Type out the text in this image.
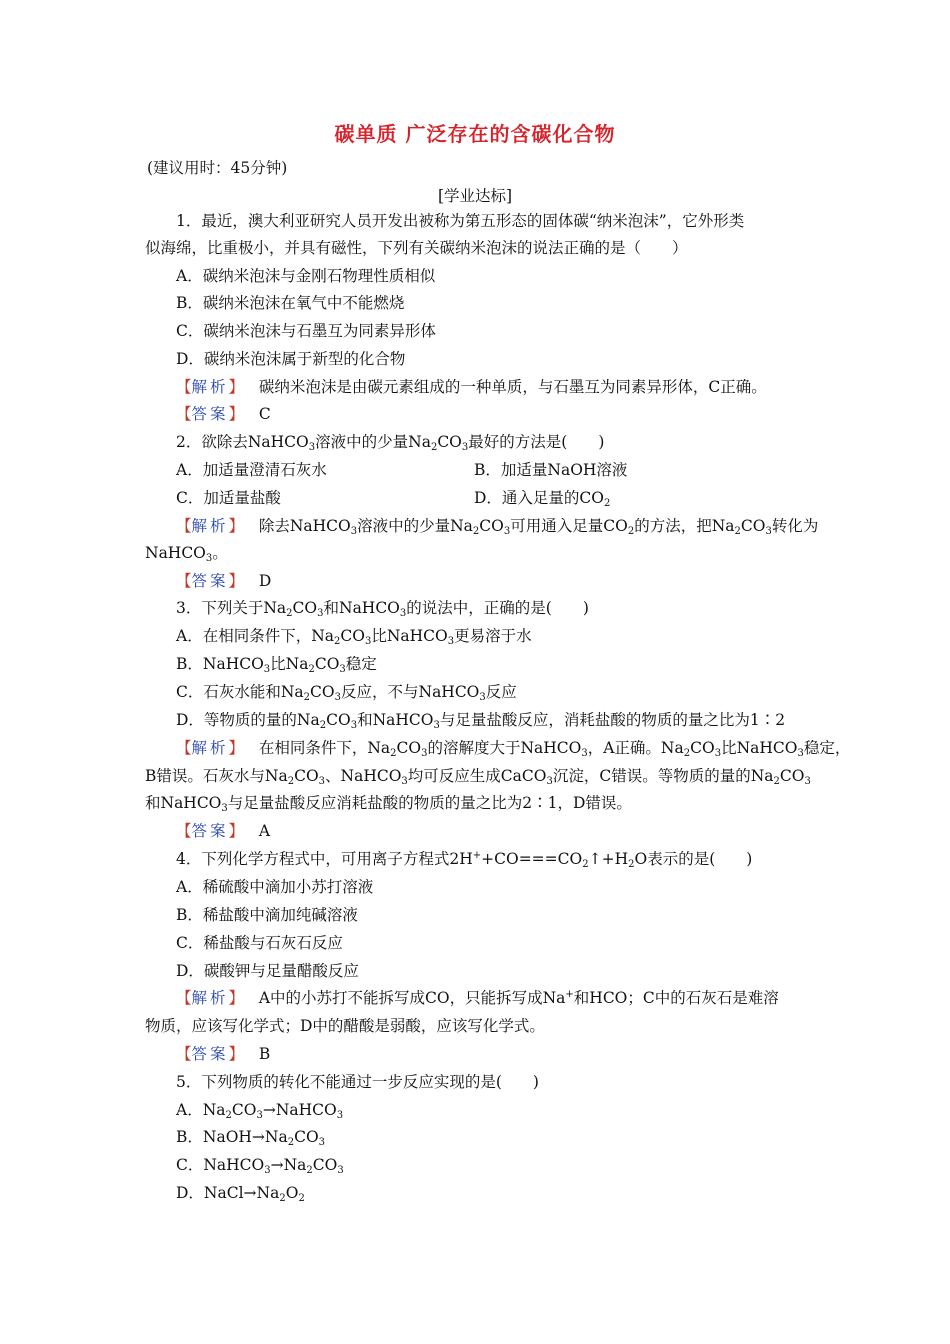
碳单质 广泛存在的含碳化合物
(建议用时：45分钟)
[学业达标]
1．最近，澳大利亚研究人员开发出被称为第五形态的固体碳“纳米泡沫”，它外形类
似海绵，比重极小，并具有磁性，下列有关碳纳米泡沫的说法正确的是（　　）
A．碳纳米泡沫与金刚石物理性质相似
B．碳纳米泡沫在氧气中不能燃烧
C．碳纳米泡沫与石墨互为同素异形体
D．碳纳米泡沫属于新型的化合物
【解析】 碳纳米泡沫是由碳元素组成的一种单质，与石墨互为同素异形体，C正确。
【答案】 C
2．欲除去NaHCO$_3$溶液中的少量$Na_2CO_3$最好的方法是(　　)
A．加适量澄清石灰水	B．加适量NaOH溶液
C．加适量盐酸	D．通入足量的$CO_2$
【解析】   除去NaHCO$_3$溶液中的少量$Na_2CO_3$可用通入足量$CO_2$的方法，把$Na_2CO_3$转化为
NaHCO$_3$。
【答案】 D
3．下列关于$Na_2CO_3$和NaHCO$_3$的说法中，正确的是(　　)
A．在相同条件下，$Na_2CO_3$比NaHCO$_3$更易溶于水
B．NaHCO$_3$比$Na_2CO_3$稳定
C．石灰水能和$Na_2CO_3$反应，不与NaHCO$_3$反应
D．等物质的量的$Na_2CO_3$和NaHCO$_3$与足量盐酸反应，消耗盐酸的物质的量之比为1∶2
【解析】   在相同条件下，$Na_2CO_3$的溶解度大于NaHCO$_3$，A正确。$Na_2CO_3$比NaHCO$_3$稳定，
B错误。石灰水与$Na_2CO_3$、NaHCO$_3$均可反应生成CaCO$_3$沉淀，C错误。等物质的量的$Na_2CO_3$
和NaHCO$_3$与足量盐酸反应消耗盐酸的物质的量之比为2∶1，D错误。
【答案】 A
4．下列化学方程式中，可用离子方程式$2H^++CO===CO_2↑+H_2O$表示的是(　　)
A．稀硫酸中滴加小苏打溶液
B．稀盐酸中滴加纯碱溶液
C．稀盐酸与石灰石反应
D．碳酸钾与足量醋酸反应
【解析】   A中的小苏打不能拆写成CO，只能拆写成Na+和HCO；C中的石灰石是难溶
物质，应该写化学式；D中的醋酸是弱酸，应该写化学式。
【答案】 B
5．下列物质的转化不能通过一步反应实现的是(　　)
A．$Na_2CO_3\to NaHCO_3$
B．$NaOH\to Na_2CO_3$
C．$NaHCO_3\to Na_2CO_3$
D．$NaCl\to Na_2O_2$
